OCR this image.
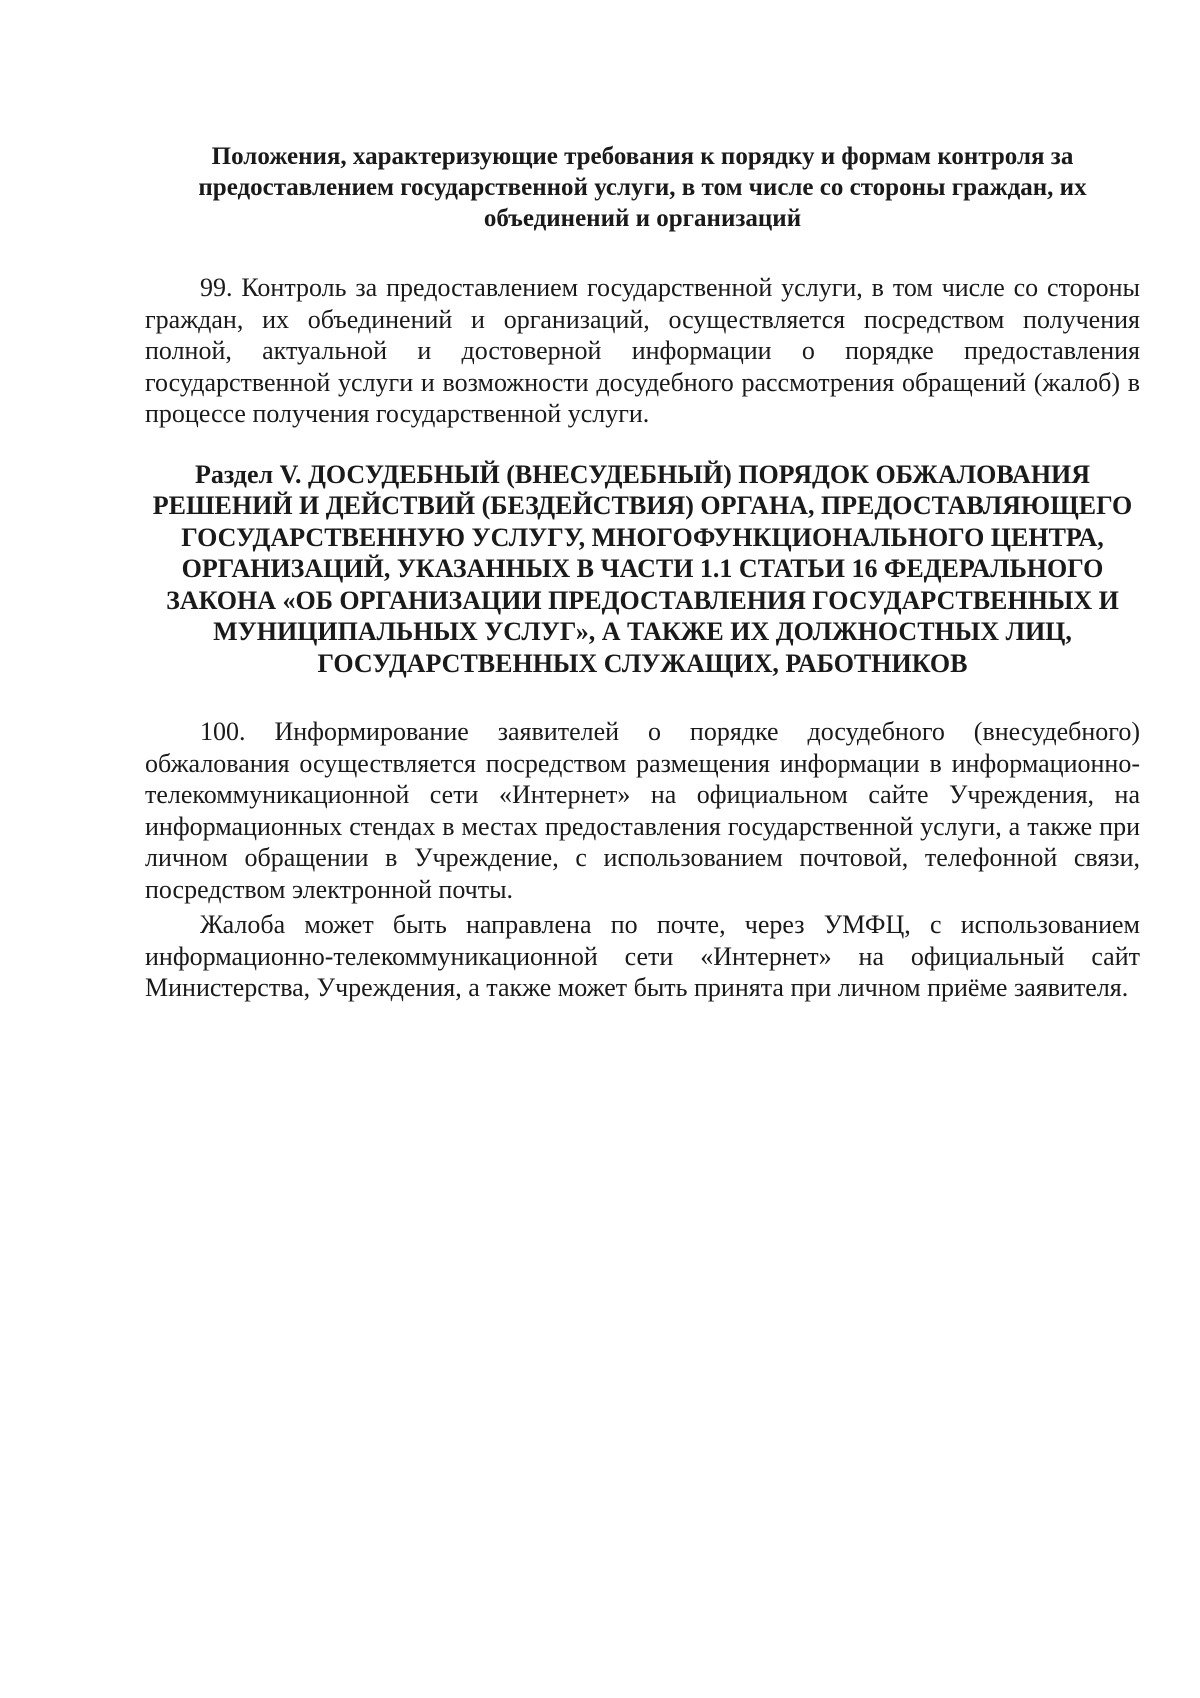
Положения, характеризующие требования к порядку и формам контроля за предоставлением государственной услуги, в том числе со стороны граждан, их объединений и организаций

99. Контроль за предоставлением государственной услуги, в том числе со стороны граждан, их объединений и организаций, осуществляется посредством получения полной, актуальной и достоверной информации о порядке предоставления государственной услуги и возможности досудебного рассмотрения обращений (жалоб) в процессе получения государственной услуги.

Раздел V. ДОСУДЕБНЫЙ (ВНЕСУДЕБНЫЙ) ПОРЯДОК ОБЖАЛОВАНИЯ РЕШЕНИЙ И ДЕЙСТВИЙ (БЕЗДЕЙСТВИЯ) ОРГАНА, ПРЕДОСТАВЛЯЮЩЕГО ГОСУДАРСТВЕННУЮ УСЛУГУ, МНОГОФУНКЦИОНАЛЬНОГО ЦЕНТРА, ОРГАНИЗАЦИЙ, УКАЗАННЫХ В ЧАСТИ 1.1 СТАТЬИ 16 ФЕДЕРАЛЬНОГО ЗАКОНА «ОБ ОРГАНИЗАЦИИ ПРЕДОСТАВЛЕНИЯ ГОСУДАРСТВЕННЫХ И МУНИЦИПАЛЬНЫХ УСЛУГ», А ТАКЖЕ ИХ ДОЛЖНОСТНЫХ ЛИЦ, ГОСУДАРСТВЕННЫХ СЛУЖАЩИХ, РАБОТНИКОВ

100. Информирование заявителей о порядке досудебного (внесудебного) обжалования осуществляется посредством размещения информации в информационно-телекоммуникационной сети «Интернет» на официальном сайте Учреждения, на информационных стендах в местах предоставления государственной услуги, а также при личном обращении в Учреждение, с использованием почтовой, телефонной связи, посредством электронной почты.

Жалоба может быть направлена по почте, через УМФЦ, с использованием информационно-телекоммуникационной сети «Интернет» на официальный сайт Министерства, Учреждения, а также может быть принята при личном приёме заявителя.
